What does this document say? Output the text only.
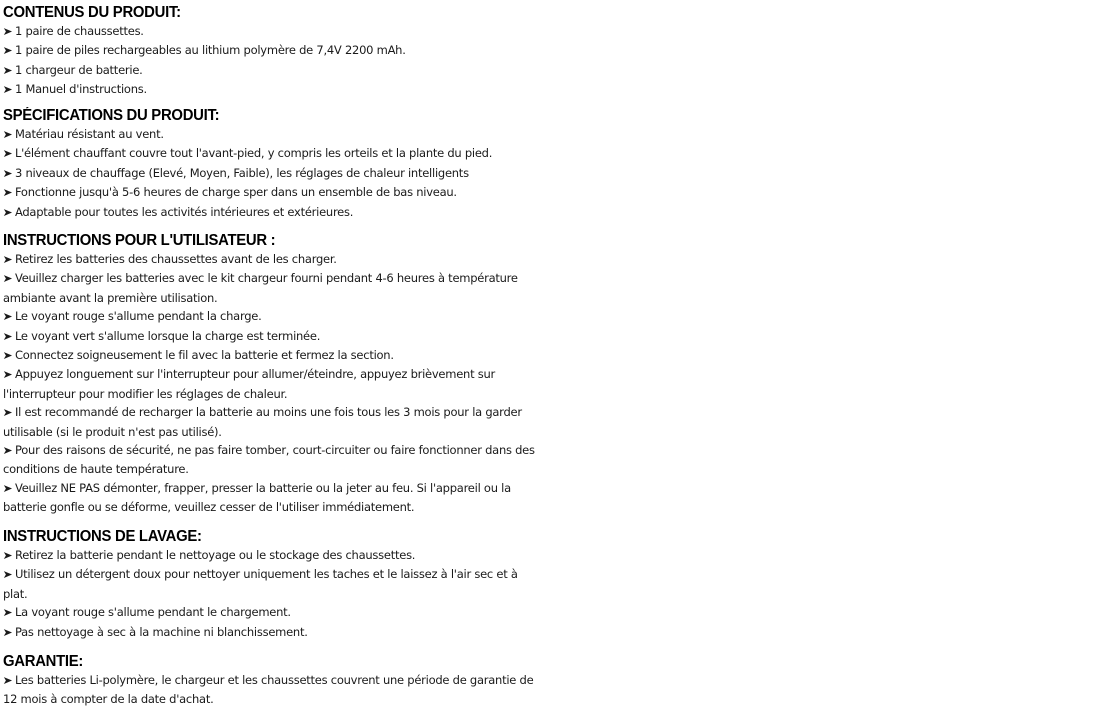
CONTENUS DU PRODUIT:
➤ 1 paire de chaussettes.
➤ 1 paire de piles rechargeables au lithium polymère de 7,4V 2200 mAh.
➤ 1 chargeur de batterie.
➤ 1 Manuel d'instructions.
SPÉCIFICATIONS DU PRODUIT:
➤ Matériau résistant au vent.
➤ L'élément chauffant couvre tout l'avant-pied, y compris les orteils et la plante du pied.
➤ 3 niveaux de chauffage (Elevé, Moyen, Faible), les réglages de chaleur intelligents
➤ Fonctionne jusqu'à 5-6 heures de charge sper dans un ensemble de bas niveau.
➤ Adaptable pour toutes les activités intérieures et extérieures.
INSTRUCTIONS POUR L'UTILISATEUR :
➤ Retirez les batteries des chaussettes avant de les charger.
➤ Veuillez charger les batteries avec le kit chargeur fourni pendant 4-6 heures à température ambiante avant la première utilisation.
➤ Le voyant rouge s'allume pendant la charge.
➤ Le voyant vert s'allume lorsque la charge est terminée.
➤ Connectez soigneusement le fil avec la batterie et fermez la section.
➤ Appuyez longuement sur l'interrupteur pour allumer/éteindre, appuyez brièvement sur l'interrupteur pour modifier les réglages de chaleur.
➤ Il est recommandé de recharger la batterie au moins une fois tous les 3 mois pour la garder utilisable (si le produit n'est pas utilisé).
➤ Pour des raisons de sécurité, ne pas faire tomber, court-circuiter ou faire fonctionner dans des conditions de haute température.
➤ Veuillez NE PAS démonter, frapper, presser la batterie ou la jeter au feu. Si l'appareil ou la batterie gonfle ou se déforme, veuillez cesser de l'utiliser immédiatement.
INSTRUCTIONS DE LAVAGE:
➤ Retirez la batterie pendant le nettoyage ou le stockage des chaussettes.
➤ Utilisez un détergent doux pour nettoyer uniquement les taches et le laissez à l'air sec et à plat.
➤ La voyant rouge s'allume pendant le chargement.
➤ Pas nettoyage à sec à la machine ni blanchissement.
GARANTIE:
➤ Les batteries Li-polymère, le chargeur et les chaussettes couvrent une période de garantie de 12 mois à compter de la date d'achat.
